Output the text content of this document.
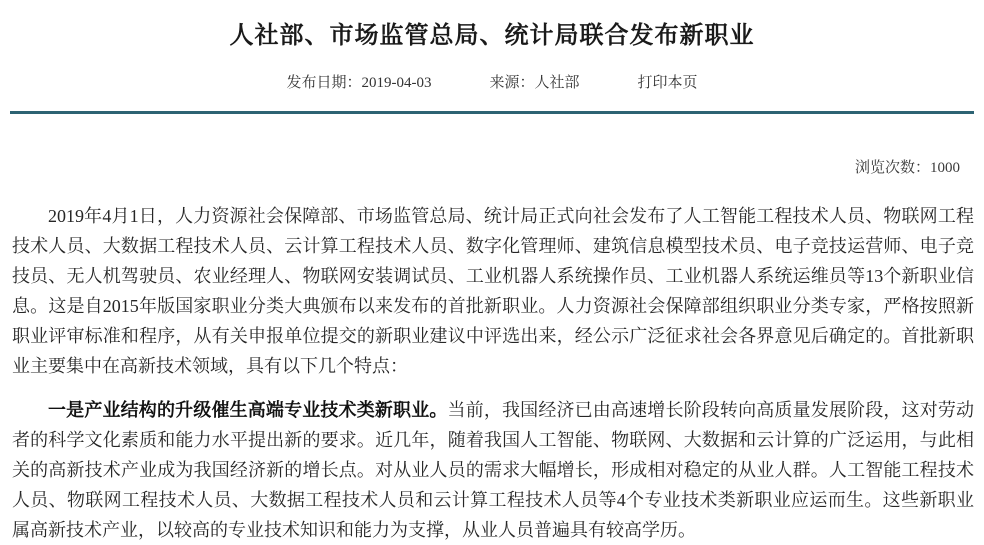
人社部、市场监管总局、统计局联合发布新职业
发布日期：2019-04-03	来源：人社部	打印本页
浏览次数：1000

2019年4月1日，人力资源社会保障部、市场监管总局、统计局正式向社会发布了人工智能工程技术人员、物联网工程技术人员、大数据工程技术人员、云计算工程技术人员、数字化管理师、建筑信息模型技术员、电子竞技运营师、电子竞技员、无人机驾驶员、农业经理人、物联网安装调试员、工业机器人系统操作员、工业机器人系统运维员等13个新职业信息。这是自2015年版国家职业分类大典颁布以来发布的首批新职业。人力资源社会保障部组织职业分类专家，严格按照新职业评审标准和程序，从有关申报单位提交的新职业建议中评选出来，经公示广泛征求社会各界意见后确定的。首批新职业主要集中在高新技术领域，具有以下几个特点：

一是产业结构的升级催生高端专业技术类新职业。当前，我国经济已由高速增长阶段转向高质量发展阶段，这对劳动者的科学文化素质和能力水平提出新的要求。近几年，随着我国人工智能、物联网、大数据和云计算的广泛运用，与此相关的高新技术产业成为我国经济新的增长点。对从业人员的需求大幅增长，形成相对稳定的从业人群。人工智能工程技术人员、物联网工程技术人员、大数据工程技术人员和云计算工程技术人员等4个专业技术类新职业应运而生。这些新职业属高新技术产业，以较高的专业技术知识和能力为支撑，从业人员普遍具有较高学历。
